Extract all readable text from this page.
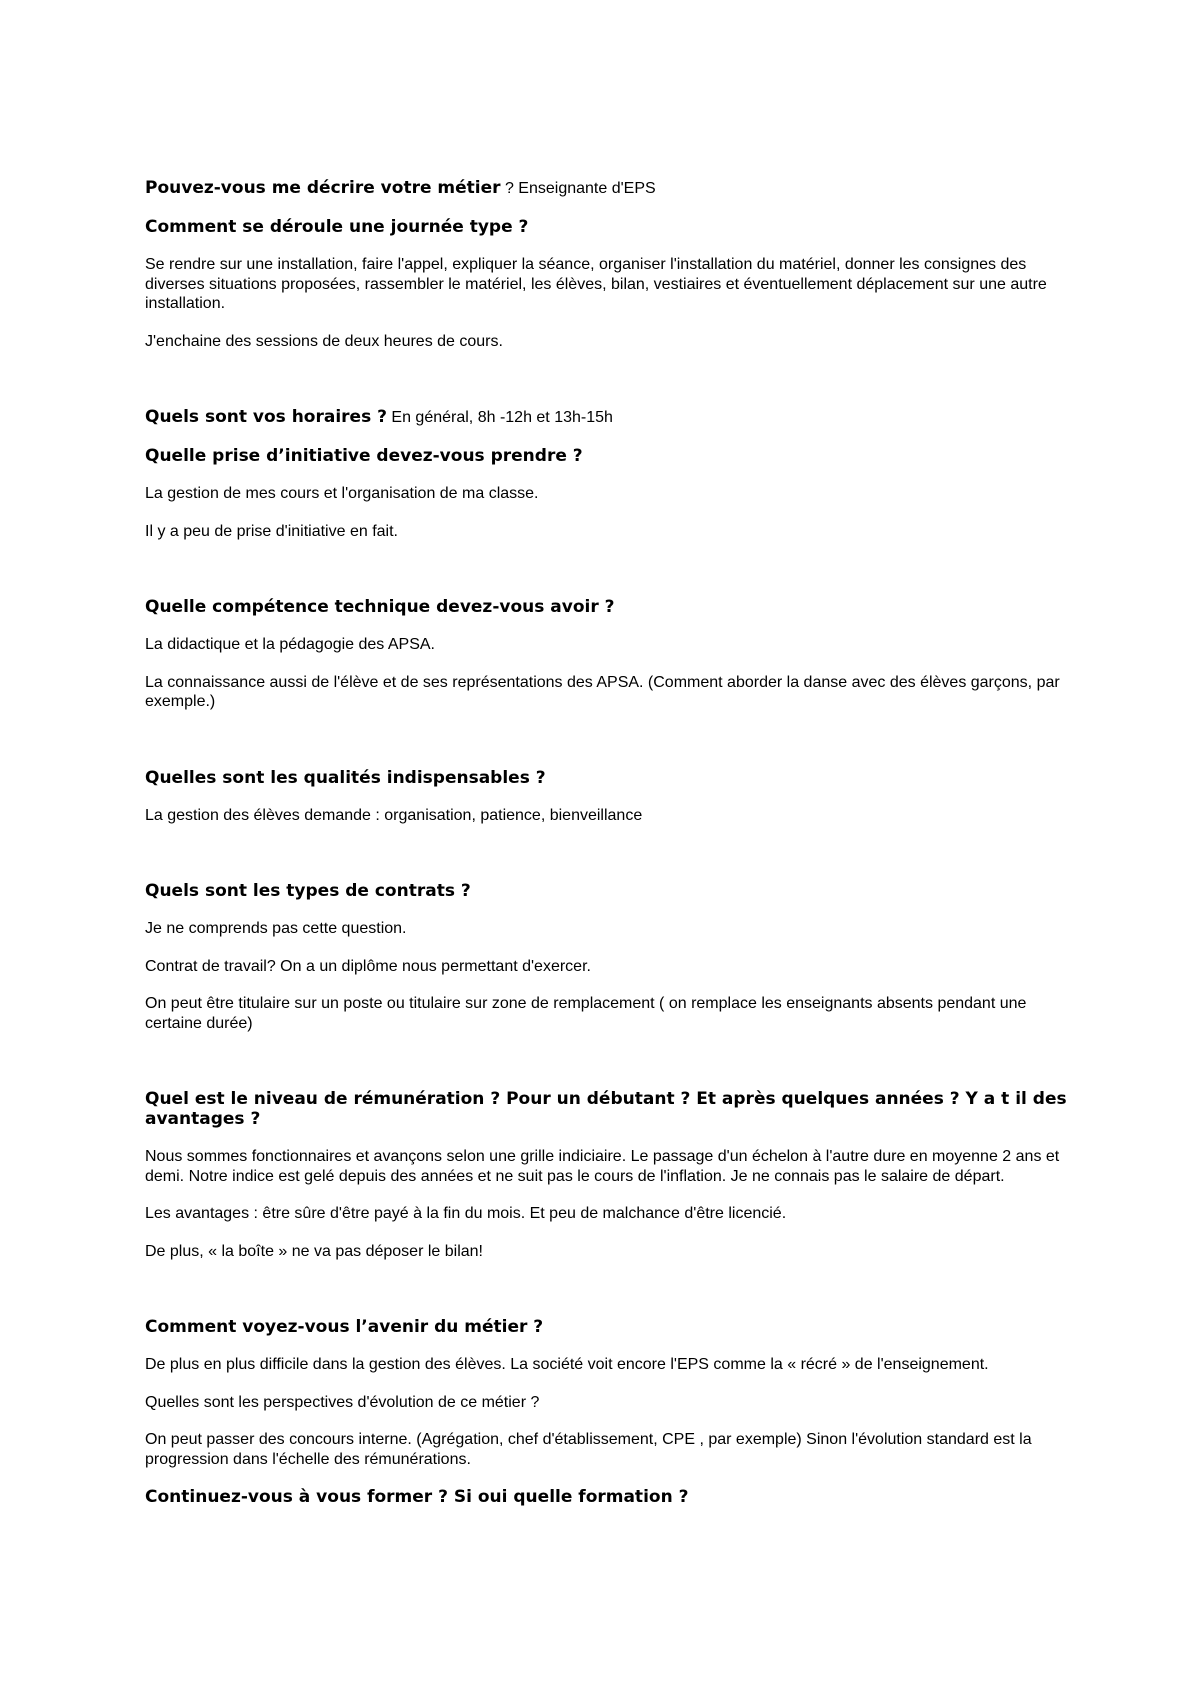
Pouvez-vous me décrire votre métier ? Enseignante d'EPS
Comment se déroule une journée type ?
Se rendre sur une installation, faire l'appel, expliquer la séance, organiser l'installation du matériel, donner les consignes des diverses situations proposées, rassembler le matériel, les élèves, bilan, vestiaires et éventuellement déplacement sur une autre installation.
J'enchaine des sessions de deux heures de cours.
Quels sont vos horaires ? En général, 8h -12h et 13h-15h
Quelle prise d’initiative devez-vous prendre ?
La gestion de mes cours et l'organisation de ma classe.
Il y a peu de prise d'initiative en fait.
Quelle compétence technique devez-vous avoir ?
La didactique et la pédagogie des APSA.
La connaissance aussi de l'élève et de ses représentations des APSA. (Comment aborder la danse avec des élèves garçons, par exemple.)
Quelles sont les qualités indispensables ?
La gestion des élèves demande : organisation, patience, bienveillance
Quels sont les types de contrats ?
Je ne comprends pas cette question.
Contrat de travail? On a un diplôme nous permettant d'exercer.
On peut être titulaire sur un poste ou titulaire sur zone de remplacement ( on remplace les enseignants absents pendant une certaine durée)
Quel est le niveau de rémunération ? Pour un débutant ? Et après quelques années ? Y a t il des avantages ?
Nous sommes fonctionnaires et avançons selon une grille indiciaire. Le passage d'un échelon à l'autre dure en moyenne 2 ans et demi. Notre indice est gelé depuis des années et ne suit pas le cours de l'inflation. Je ne connais pas le salaire de départ.
Les avantages : être sûre d'être payé à la fin du mois. Et peu de malchance d'être licencié.
De plus, « la boîte » ne va pas déposer le bilan!
Comment voyez-vous l’avenir du métier ?
De plus en plus difficile dans la gestion des élèves. La société voit encore l'EPS comme la « récré » de l'enseignement.
Quelles sont les perspectives d'évolution de ce métier ?
On peut passer des concours interne. (Agrégation, chef d'établissement, CPE , par exemple) Sinon l'évolution standard est la progression dans l'échelle des rémunérations.
Continuez-vous à vous former ? Si oui quelle formation ?
